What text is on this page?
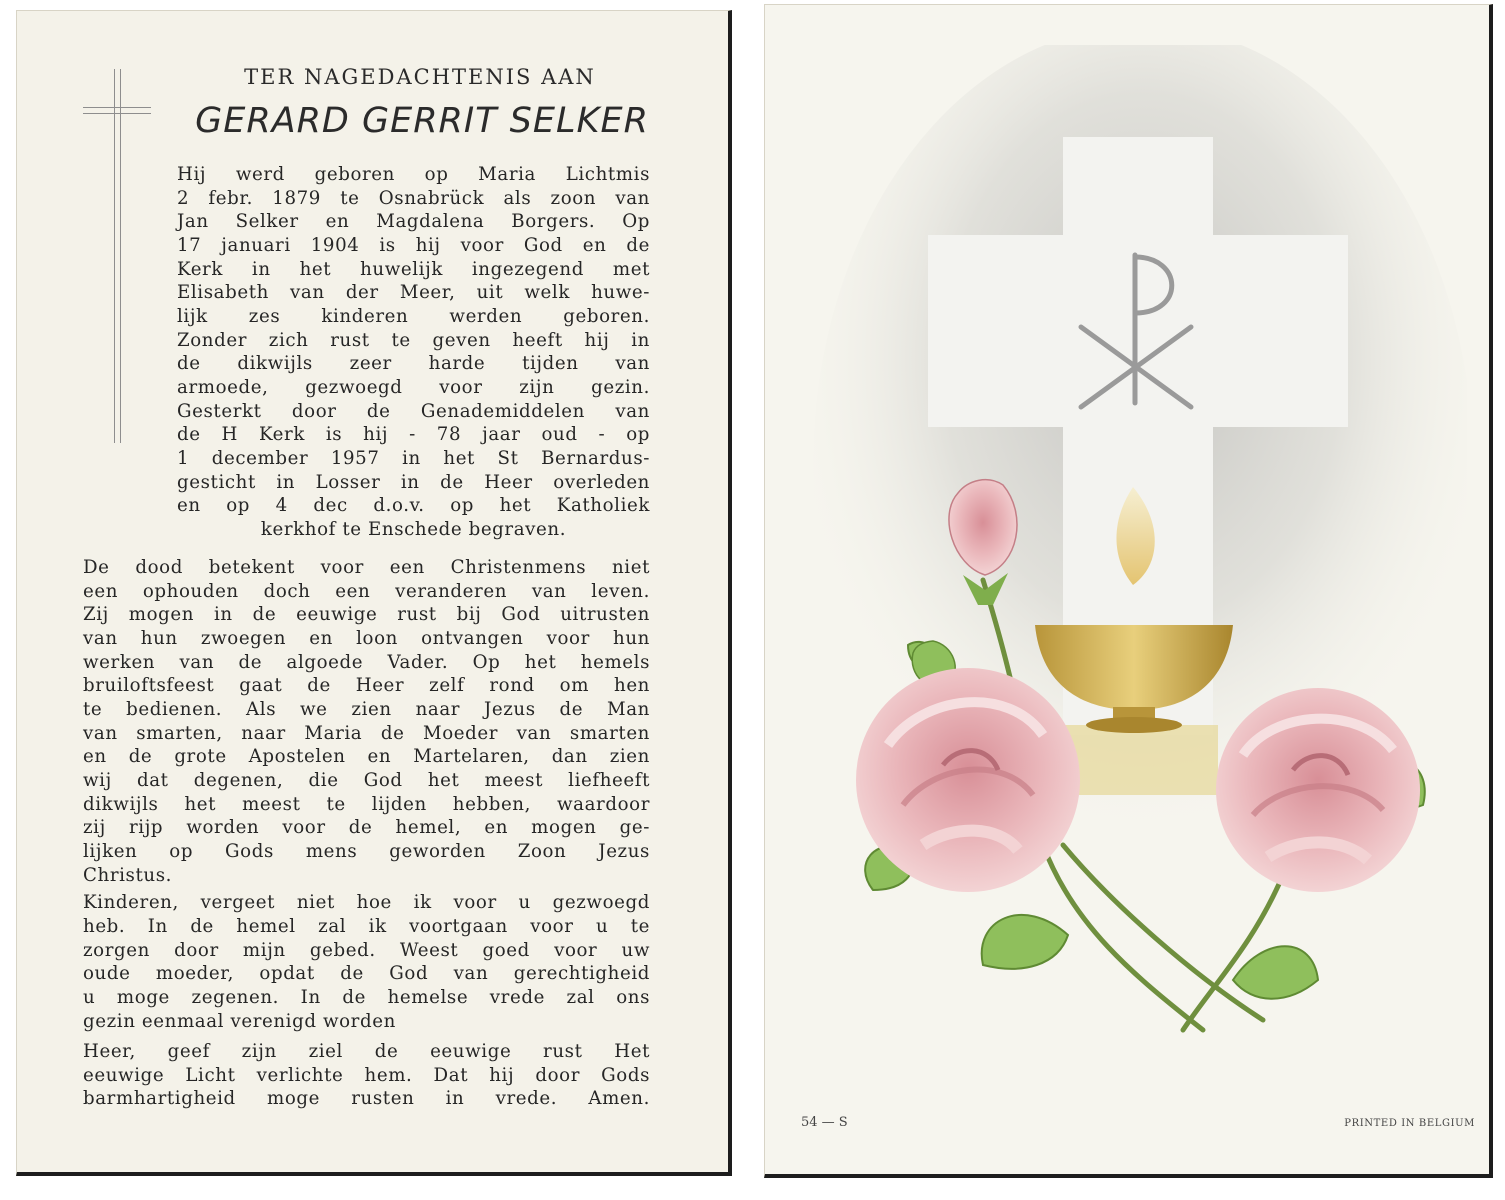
TER NAGEDACHTENIS AAN
GERARD GERRIT SELKER
Hij werd geboren op Maria Lichtmis
2 febr. 1879 te Osnabrück als zoon van
Jan Selker en Magdalena Borgers. Op
17 januari 1904 is hij voor God en de
Kerk in het huwelijk ingezegend met
Elisabeth van der Meer, uit welk huwe-
lijk zes kinderen werden geboren.
Zonder zich rust te geven heeft hij in
de dikwijls zeer harde tijden van
armoede, gezwoegd voor zijn gezin.
Gesterkt door de Genademiddelen van
de H Kerk is hij - 78 jaar oud - op
1 december 1957 in het St Bernardus-
gesticht in Losser in de Heer overleden
en op 4 dec d.o.v. op het Katholiek
kerkhof te Enschede begraven.
De dood betekent voor een Christenmens niet
een ophouden doch een veranderen van leven.
Zij mogen in de eeuwige rust bij God uitrusten
van hun zwoegen en loon ontvangen voor hun
werken van de algoede Vader. Op het hemels
bruiloftsfeest gaat de Heer zelf rond om hen
te bedienen. Als we zien naar Jezus de Man
van smarten, naar Maria de Moeder van smarten
en de grote Apostelen en Martelaren, dan zien
wij dat degenen, die God het meest liefheeft
dikwijls het meest te lijden hebben, waardoor
zij rijp worden voor de hemel, en mogen ge-
lijken op Gods mens geworden Zoon Jezus
Christus.
Kinderen, vergeet niet hoe ik voor u gezwoegd
heb. In de hemel zal ik voortgaan voor u te
zorgen door mijn gebed. Weest goed voor uw
oude moeder, opdat de God van gerechtigheid
u moge zegenen. In de hemelse vrede zal ons
gezin eenmaal verenigd worden
Heer, geef zijn ziel de eeuwige rust Het
eeuwige Licht verlichte hem. Dat hij door Gods
barmhartigheid moge rusten in vrede. Amen.
54 — S	PRINTED IN BELGIUM
